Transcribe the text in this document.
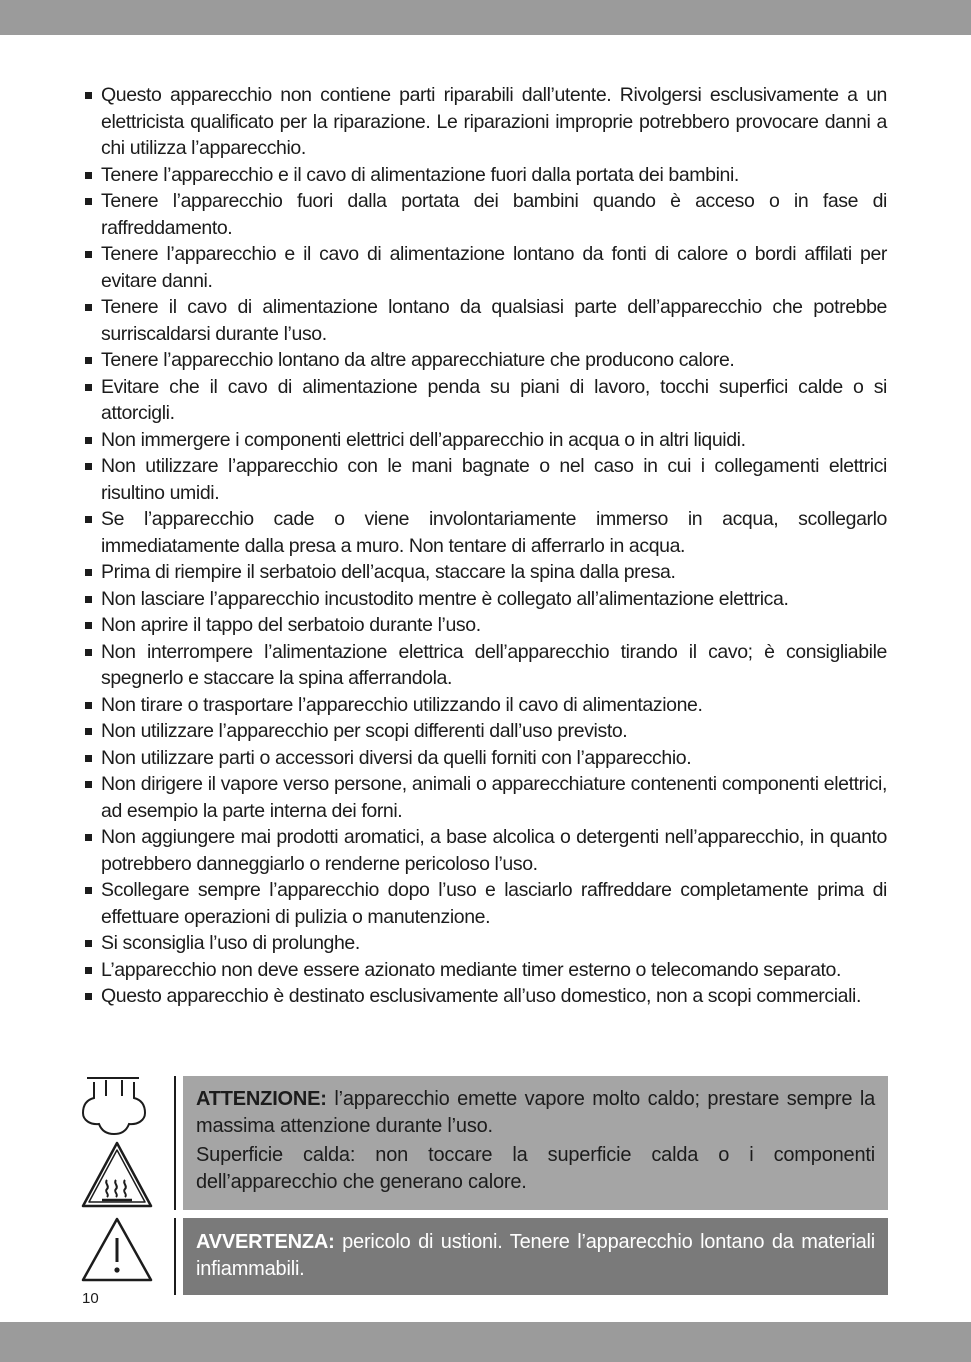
Questo apparecchio non contiene parti riparabili dall’utente. Rivolgersi esclusivamente a un elettricista qualificato per la riparazione. Le riparazioni improprie potrebbero provocare danni a chi utilizza l’apparecchio.
Tenere l’apparecchio e il cavo di alimentazione fuori dalla portata dei bambini.
Tenere l’apparecchio fuori dalla portata dei bambini quando è acceso o in fase di raffreddamento.
Tenere l’apparecchio e il cavo di alimentazione lontano da fonti di calore o bordi affilati per evitare danni.
Tenere il cavo di alimentazione lontano da qualsiasi parte dell’apparecchio che potrebbe surriscaldarsi durante l’uso.
Tenere l’apparecchio lontano da altre apparecchiature che producono calore.
Evitare che il cavo di alimentazione penda su piani di lavoro, tocchi superfici calde o si attorcigli.
Non immergere i componenti elettrici dell’apparecchio in acqua o in altri liquidi.
Non utilizzare l’apparecchio con le mani bagnate o nel caso in cui i collegamenti elettrici risultino umidi.
Se l’apparecchio cade o viene involontariamente immerso in acqua, scollegarlo immediatamente dalla presa a muro. Non tentare di afferrarlo in acqua.
Prima di riempire il serbatoio dell’acqua, staccare la spina dalla presa.
Non lasciare l’apparecchio incustodito mentre è collegato all’alimentazione elettrica.
Non aprire il tappo del serbatoio durante l’uso.
Non interrompere l’alimentazione elettrica dell’apparecchio tirando il cavo; è consigliabile spegnerlo e staccare la spina afferrandola.
Non tirare o trasportare l’apparecchio utilizzando il cavo di alimentazione.
Non utilizzare l’apparecchio per scopi differenti dall’uso previsto.
Non utilizzare parti o accessori diversi da quelli forniti con l’apparecchio.
Non dirigere il vapore verso persone, animali o apparecchiature contenenti componenti elettrici, ad esempio la parte interna dei forni.
Non aggiungere mai prodotti aromatici, a base alcolica o detergenti nell’apparecchio, in quanto potrebbero danneggiarlo o renderne pericoloso l’uso.
Scollegare sempre l’apparecchio dopo l’uso e lasciarlo raffreddare completamente prima di effettuare operazioni di pulizia o manutenzione.
Si sconsiglia l’uso di prolunghe.
L’apparecchio non deve essere azionato mediante timer esterno o telecomando separato.
Questo apparecchio è destinato esclusivamente all’uso domestico, non a scopi commerciali.

ATTENZIONE: l’apparecchio emette vapore molto caldo; prestare sempre la massima attenzione durante l’uso.

Superficie calda: non toccare la superficie calda o i componenti dell’apparecchio che generano calore.

AVVERTENZA: pericolo di ustioni. Tenere l’apparecchio lontano da materiali infiammabili.

10
